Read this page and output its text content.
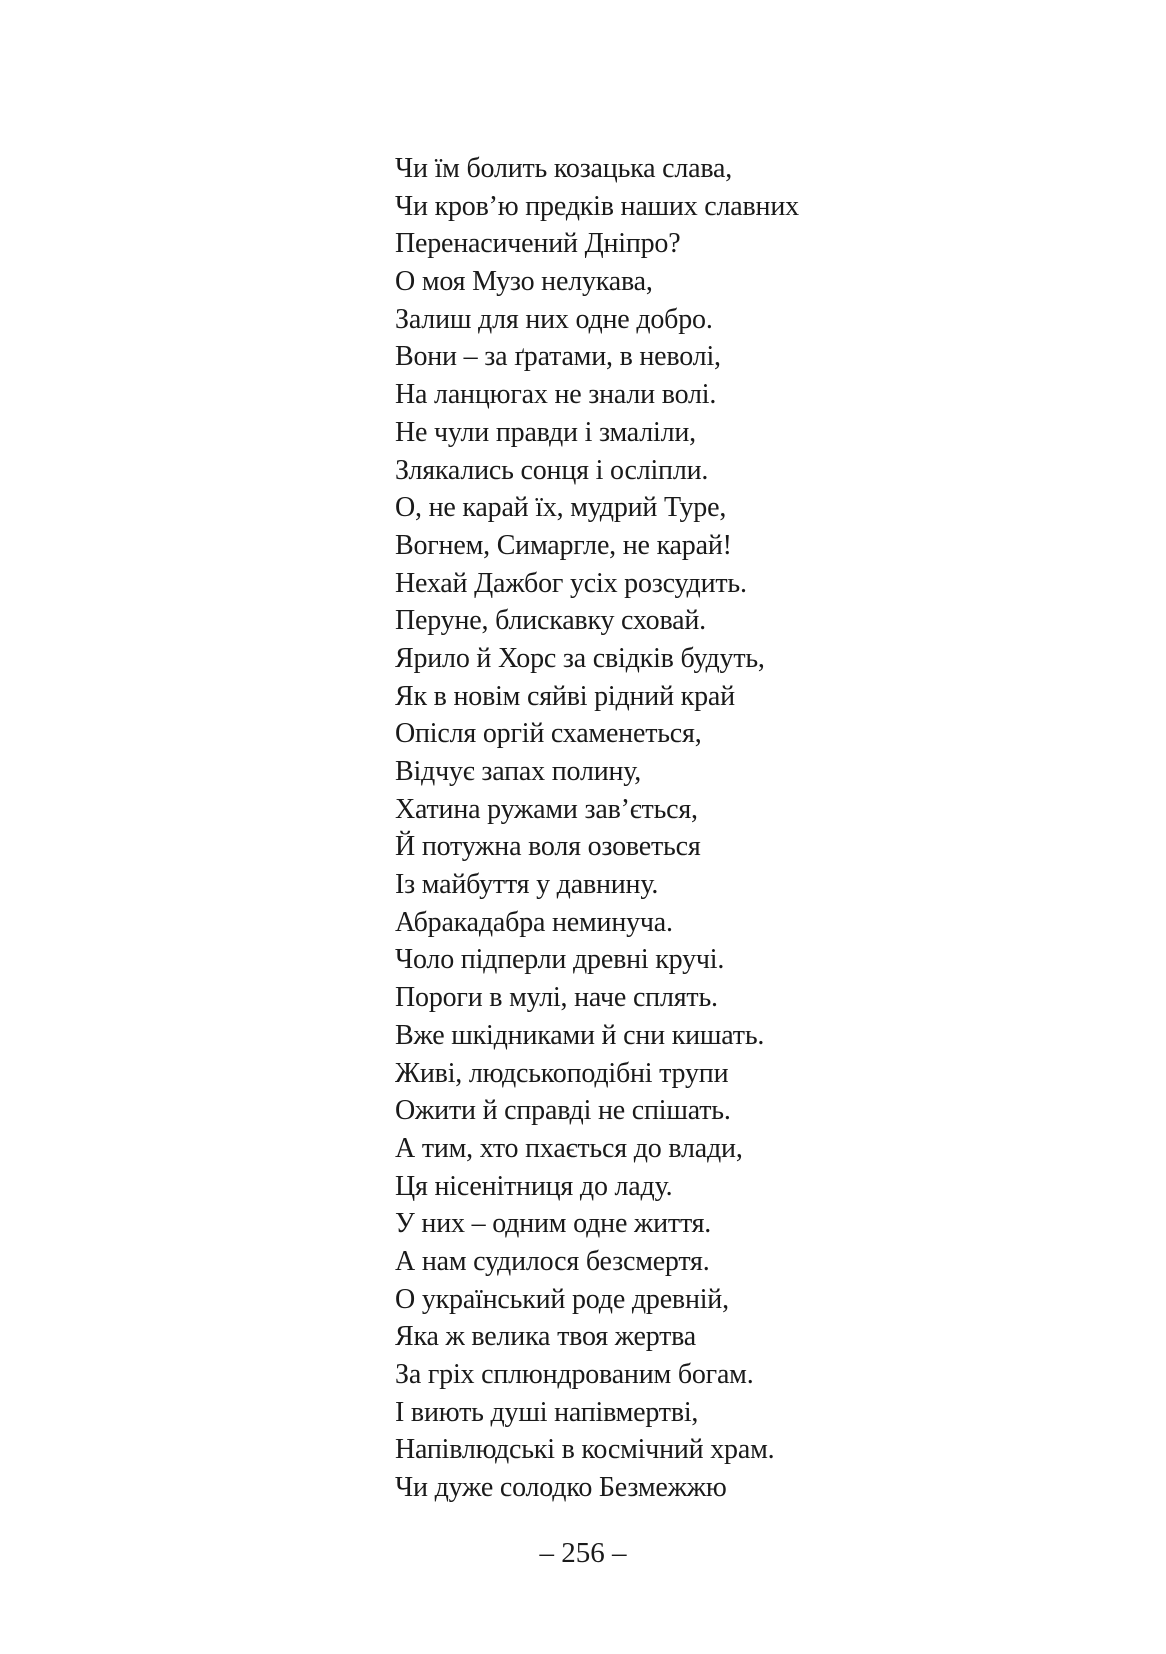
Чи їм болить козацька слава,
Чи кров’ю предків наших славних
Перенасичений Дніпро?
О моя Музо нелукава,
Залиш для них одне добро.
Вони – за ґратами, в неволі,
На ланцюгах не знали волі.
Не чули правди і змаліли,
Злякались сонця і осліпли.
О, не карай їх, мудрий Туре,
Вогнем, Симаргле, не карай!
Нехай Дажбог усіх розсудить.
Перуне, блискавку сховай.
Ярило й Хорс за свідків будуть,
Як в новім сяйві рідний край
Опісля оргій схаменеться,
Відчує запах полину,
Хатина ружами зав’ється,
Й потужна воля озоветься
Із майбуття у давнину.
Абракадабра неминуча.
Чоло підперли древні кручі.
Пороги в мулі, наче сплять.
Вже шкідниками й сни кишать.
Живі, людськоподібні трупи
Ожити й справді не спішать.
А тим, хто пхається до влади,
Ця нісенітниця до ладу.
У них – одним одне життя.
А нам судилося безсмертя.
О український роде древній,
Яка ж велика твоя жертва
За гріх сплюндрованим богам.
І виють душі напівмертві,
Напівлюдські в космічний храм.
Чи дуже солодко Безмежжю
– 256 –
